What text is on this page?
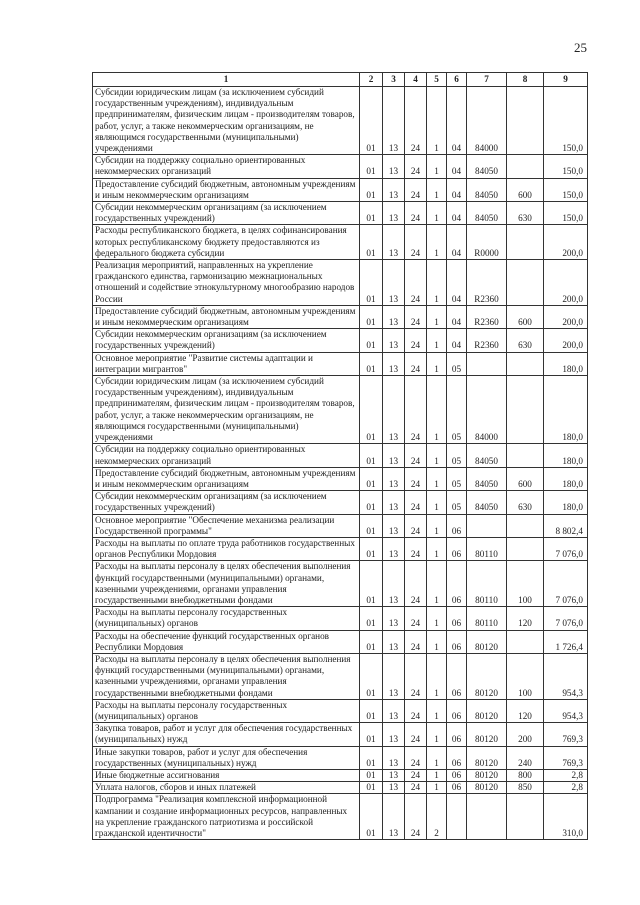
25
1	2	3	4	5	6	7	8	9
Субсидии юридическим лицам (за исключением субсидий государственным учреждениям), индивидуальным предпринимателям, физическим лицам - производителям товаров, работ, услуг, а также некоммерческим организациям, не являющимся государственными (муниципальными) учреждениями	01	13	24	1	04	84000		150,0
Субсидии на поддержку социально ориентированных некоммерческих организаций	01	13	24	1	04	84050		150,0
Предоставление субсидий бюджетным, автономным учреждениям и иным некоммерческим организациям	01	13	24	1	04	84050	600	150,0
Субсидии некоммерческим организациям (за исключением государственных учреждений)	01	13	24	1	04	84050	630	150,0
Расходы республиканского бюджета, в целях софинансирования которых республиканскому бюджету предоставляются из федерального бюджета субсидии	01	13	24	1	04	R0000		200,0
Реализация мероприятий, направленных на укрепление гражданского единства, гармонизацию межнациональных отношений и содействие этнокультурному многообразию народов России	01	13	24	1	04	R2360		200,0
Предоставление субсидий бюджетным, автономным учреждениям и иным некоммерческим организациям	01	13	24	1	04	R2360	600	200,0
Субсидии некоммерческим организациям (за исключением государственных учреждений)	01	13	24	1	04	R2360	630	200,0
Основное мероприятие "Развитие системы адаптации и интеграции мигрантов"	01	13	24	1	05			180,0
Субсидии юридическим лицам (за исключением субсидий государственным учреждениям), индивидуальным предпринимателям, физическим лицам - производителям товаров, работ, услуг, а также некоммерческим организациям, не являющимся государственными (муниципальными) учреждениями	01	13	24	1	05	84000		180,0
Субсидии на поддержку социально ориентированных некоммерческих организаций	01	13	24	1	05	84050		180,0
Предоставление субсидий бюджетным, автономным учреждениям и иным некоммерческим организациям	01	13	24	1	05	84050	600	180,0
Субсидии некоммерческим организациям (за исключением государственных учреждений)	01	13	24	1	05	84050	630	180,0
Основное мероприятие "Обеспечение механизма реализации Государственной программы"	01	13	24	1	06			8 802,4
Расходы на выплаты по оплате труда работников государственных органов Республики Мордовия	01	13	24	1	06	80110		7 076,0
Расходы на выплаты персоналу в целях обеспечения выполнения функций государственными (муниципальными) органами, казенными учреждениями, органами управления государственными внебюджетными фондами	01	13	24	1	06	80110	100	7 076,0
Расходы на выплаты персоналу государственных (муниципальных) органов	01	13	24	1	06	80110	120	7 076,0
Расходы на обеспечение функций государственных органов Республики Мордовия	01	13	24	1	06	80120		1 726,4
Расходы на выплаты персоналу в целях обеспечения выполнения функций государственными (муниципальными) органами, казенными учреждениями, органами управления государственными внебюджетными фондами	01	13	24	1	06	80120	100	954,3
Расходы на выплаты персоналу государственных (муниципальных) органов	01	13	24	1	06	80120	120	954,3
Закупка товаров, работ и услуг для обеспечения государственных (муниципальных) нужд	01	13	24	1	06	80120	200	769,3
Иные закупки товаров, работ и услуг для обеспечения государственных (муниципальных) нужд	01	13	24	1	06	80120	240	769,3
Иные бюджетные ассигнования	01	13	24	1	06	80120	800	2,8
Уплата налогов, сборов и иных платежей	01	13	24	1	06	80120	850	2,8
Подпрограмма "Реализация комплексной информационной кампании и создание информационных ресурсов, направленных на укрепление гражданского патриотизма и российской гражданской идентичности"	01	13	24	2				310,0
